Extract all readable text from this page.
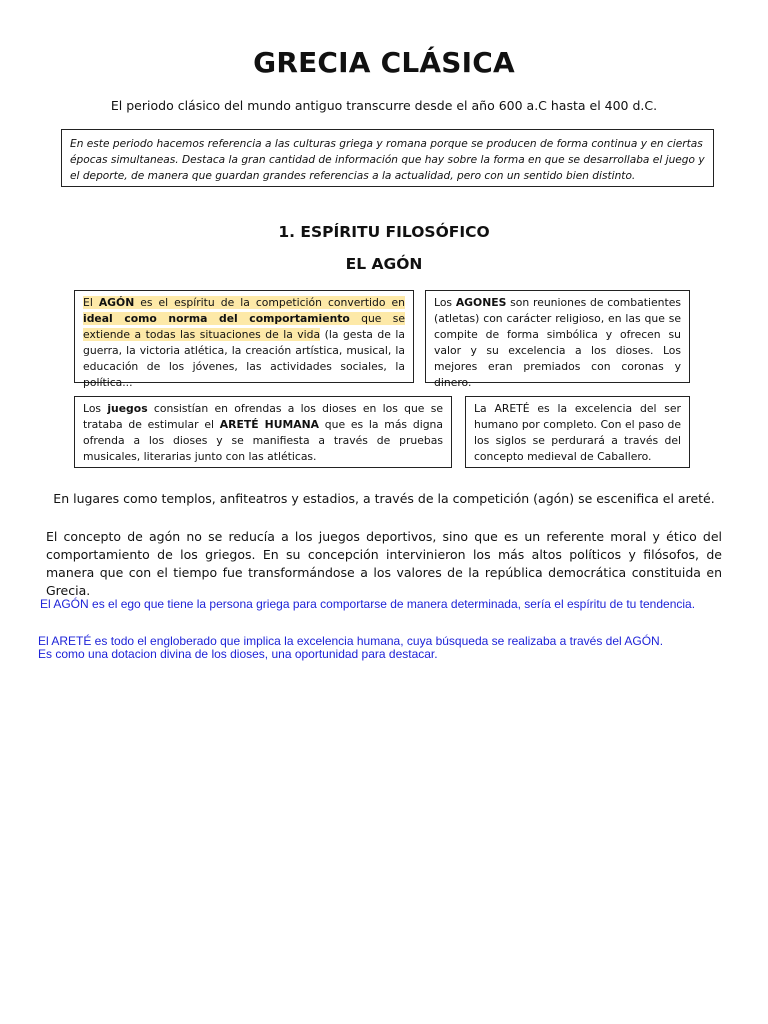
GRECIA CLÁSICA
El periodo clásico del mundo antiguo transcurre desde el año 600 a.C hasta el 400 d.C.
En este periodo hacemos referencia a las culturas griega y romana porque se producen de forma continua y en ciertas épocas simultaneas. Destaca la gran cantidad de información que hay sobre la forma en que se desarrollaba el juego y el deporte, de manera que guardan grandes referencias a la actualidad, pero con un sentido bien distinto.
1. ESPÍRITU FILOSÓFICO
EL AGÓN
El AGÓN es el espíritu de la competición convertido en ideal como norma del comportamiento que se extiende a todas las situaciones de la vida (la gesta de la guerra, la victoria atlética, la creación artística, musical, la educación de los jóvenes, las actividades sociales, la política...
Los AGONES son reuniones de combatientes (atletas) con carácter religioso, en las que se compite de forma simbólica y ofrecen su valor y su excelencia a los dioses. Los mejores eran premiados con coronas y dinero.
Los juegos consistían en ofrendas a los dioses en los que se trataba de estimular el ARETÉ HUMANA que es la más digna ofrenda a los dioses y se manifiesta a través de pruebas musicales, literarias junto con las atléticas.
La ARETÉ es la excelencia del ser humano por completo. Con el paso de los siglos se perdurará a través del concepto medieval de Caballero.
En lugares como templos, anfiteatros y estadios, a través de la competición (agón) se escenifica el areté.
El concepto de agón no se reducía a los juegos deportivos, sino que es un referente moral y ético del comportamiento de los griegos. En su concepción intervinieron los más altos políticos y filósofos, de manera que con el tiempo fue transformándose a los valores de la república democrática constituida en Grecia.
El AGÓN es el ego que tiene la persona griega para comportarse de manera determinada, sería el espíritu de tu tendencia.
El ARETÉ es todo el engloberado que implica la excelencia humana, cuya búsqueda se realizaba a través del AGÓN.
Es como una dotacion divina de los dioses, una oportunidad para destacar.
